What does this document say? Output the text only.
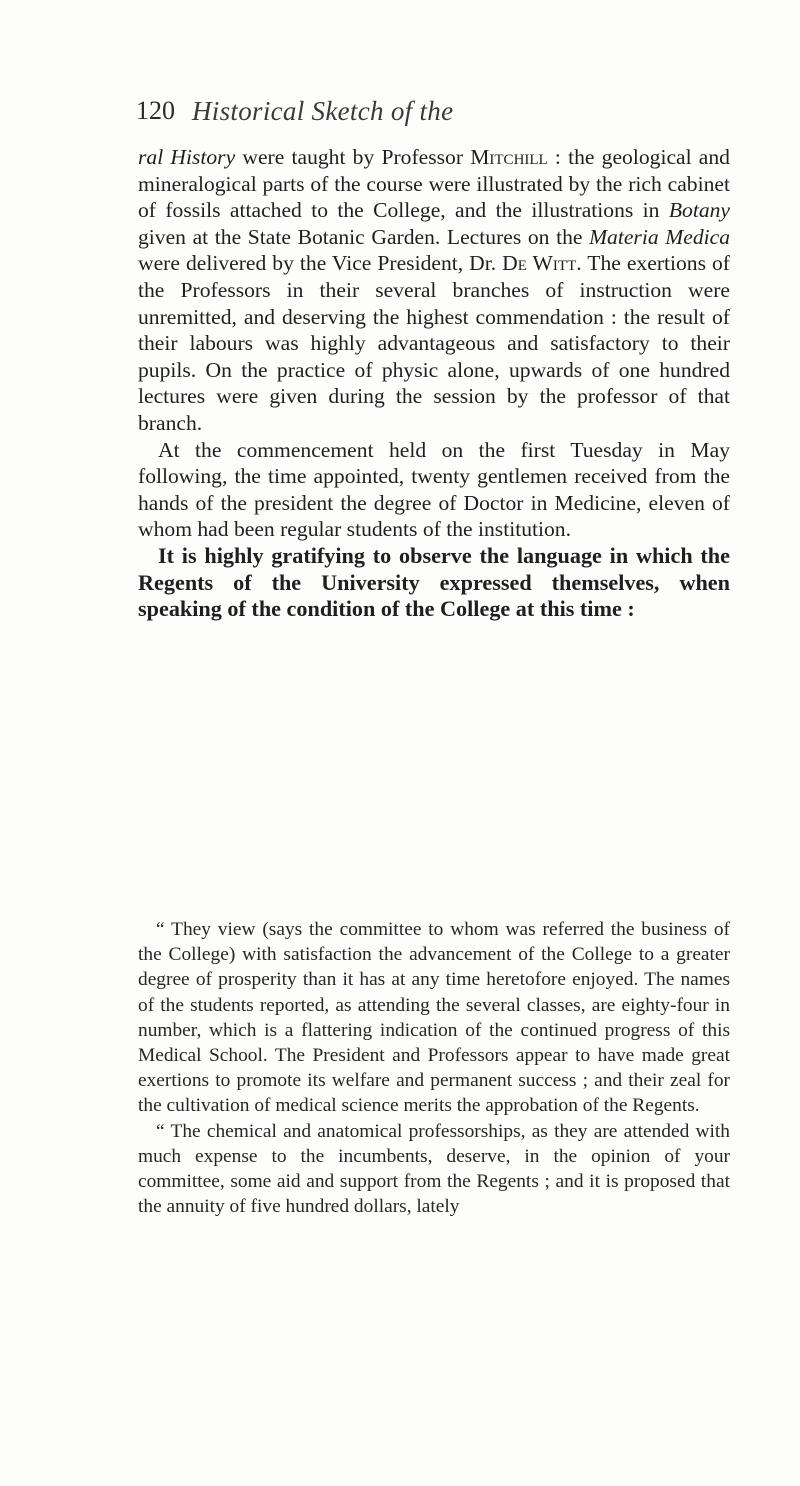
120 Historical Sketch of the

ral History were taught by Professor Mitchill : the geological and mineralogical parts of the course were illustrated by the rich cabinet of fossils attached to the College, and the illustrations in Botany given at the State Botanic Garden. Lectures on the Materia Medica were delivered by the Vice President, Dr. De Witt. The exertions of the Professors in their several branches of instruction were unremitted, and deserving the highest commendation : the result of their labours was highly advantageous and satisfactory to their pupils. On the practice of physic alone, upwards of one hundred lectures were given during the session by the professor of that branch.

At the commencement held on the first Tuesday in May following, the time appointed, twenty gentlemen received from the hands of the president the degree of Doctor in Medicine, eleven of whom had been regular students of the institution.

It is highly gratifying to observe the language in which the Regents of the University expressed themselves, when speaking of the condition of the College at this time :

“ They view (says the committee to whom was referred the business of the College) with satisfaction the advancement of the College to a greater degree of prosperity than it has at any time heretofore enjoyed. The names of the students reported, as attending the several classes, are eighty-four in number, which is a flattering indication of the continued progress of this Medical School. The President and Professors appear to have made great exertions to promote its welfare and permanent success ; and their zeal for the cultivation of medical science merits the approbation of the Regents.

“ The chemical and anatomical professorships, as they are attended with much expense to the incumbents, deserve, in the opinion of your committee, some aid and support from the Regents ; and it is proposed that the annuity of five hundred dollars, lately
